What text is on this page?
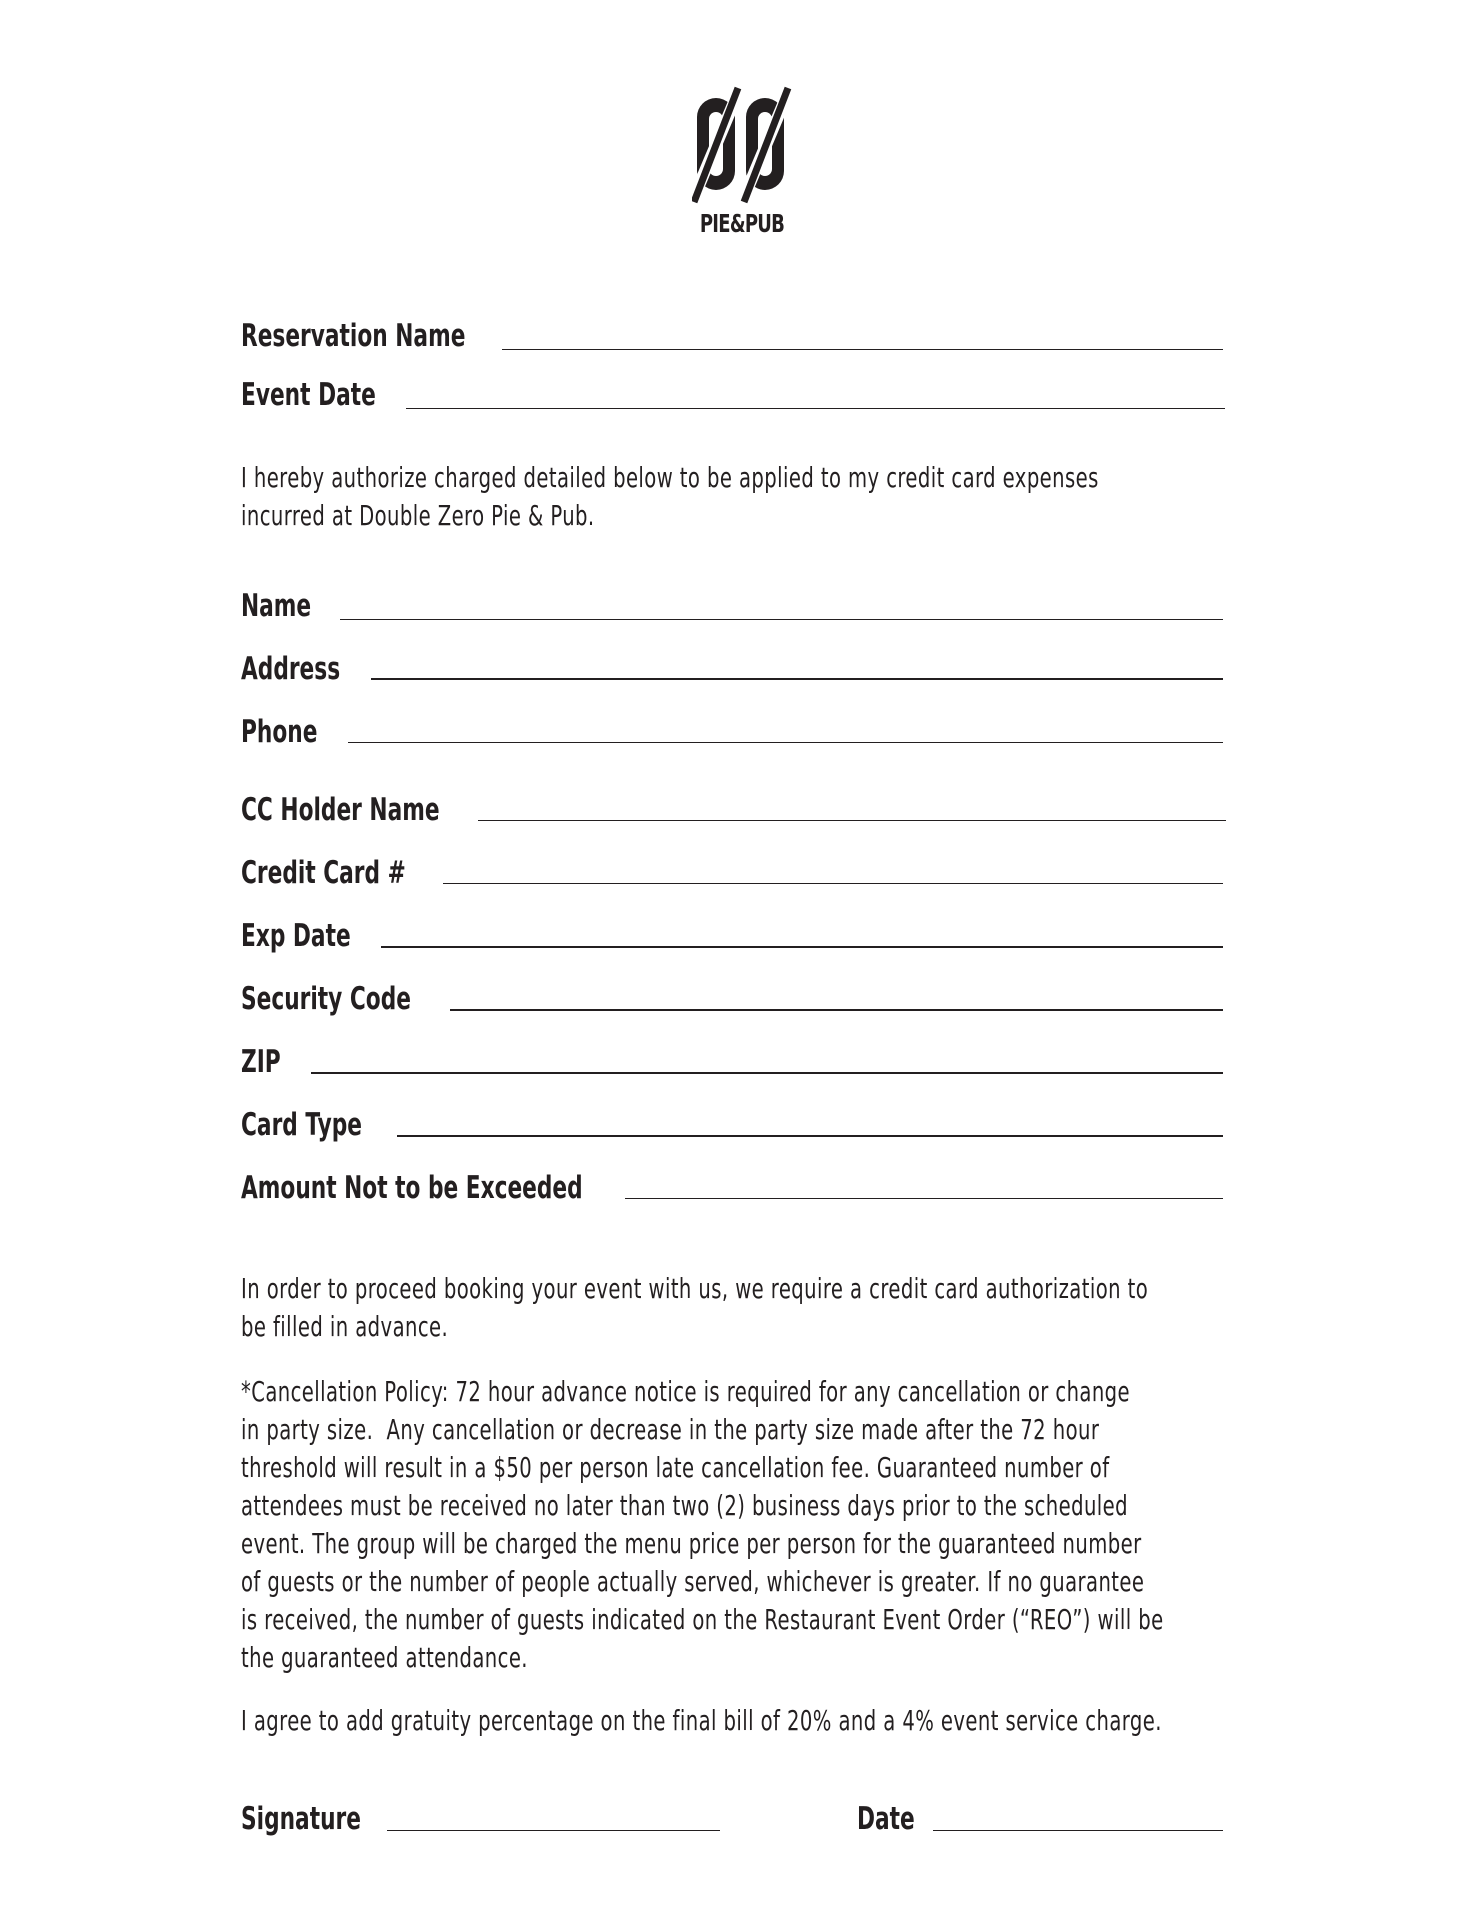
PIE&PUB
Reservation Name
Event Date
I hereby authorize charged detailed below to be applied to my credit card expenses
incurred at Double Zero Pie & Pub.
Name
Address
Phone
CC Holder Name
Credit Card #
Exp Date
Security Code
ZIP
Card Type
Amount Not to be Exceeded
In order to proceed booking your event with us, we require a credit card authorization to
be filled in advance.
*Cancellation Policy: 72 hour advance notice is required for any cancellation or change
in party size.  Any cancellation or decrease in the party size made after the 72 hour
threshold will result in a $50 per person late cancellation fee. Guaranteed number of
attendees must be received no later than two (2) business days prior to the scheduled
event. The group will be charged the menu price per person for the guaranteed number
of guests or the number of people actually served, whichever is greater. If no guarantee
is received, the number of guests indicated on the Restaurant Event Order (“REO”) will be
the guaranteed attendance.
I agree to add gratuity percentage on the final bill of 20% and a 4% event service charge.
Signature	Date
